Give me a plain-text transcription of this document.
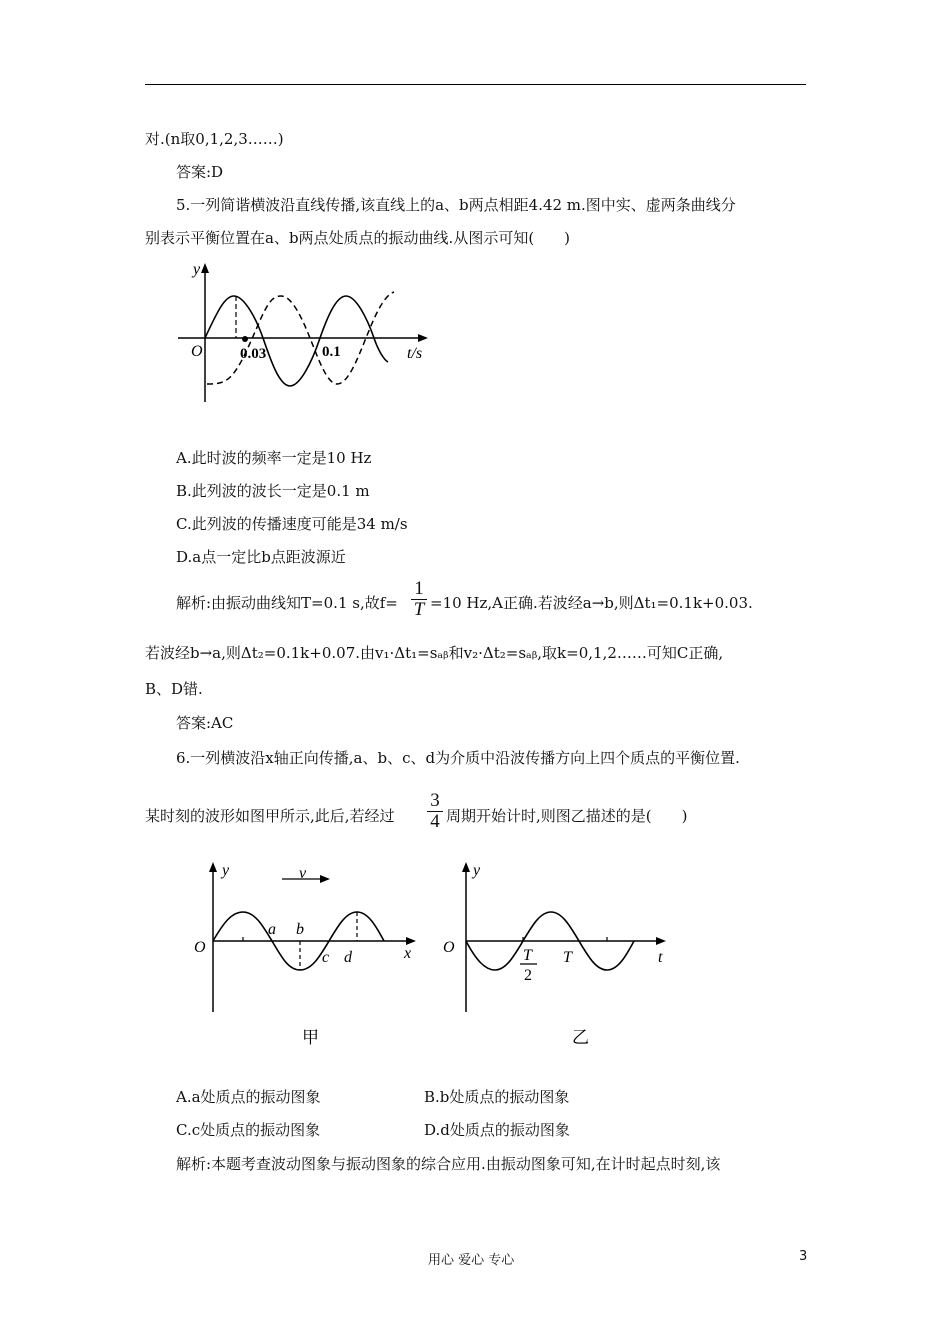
对.(n取0,1,2,3……)
答案:D
5.一列简谐横波沿直线传播,该直线上的a、b两点相距4.42 m.图中实、虚两条曲线分
别表示平衡位置在a、b两点处质点的振动曲线.从图示可知(　　)
y
O 0.03	0.1	t/s
A.此时波的频率一定是10 Hz
B.此列波的波长一定是0.1 m
C.此列波的传播速度可能是34 m/s
D.a点一定比b点距波源近
解析:由振动曲线知T=0.1 s,故f=
1
T =10 Hz,A正确.若波经a→b,则Δt₁=0.1k+0.03.
若波经b→a,则Δt₂=0.1k+0.07.由v₁·Δt₁=sₐᵦ和v₂·Δt₂=sₐᵦ,取k=0,1,2……可知C正确,
B、D错.
答案:AC
6.一列横波沿x轴正向传播,a、b、c、d为介质中沿波传播方向上四个质点的平衡位置.
某时刻的波形如图甲所示,此后,若经过
3
4 周期开始计时,则图乙描述的是(　　)
y	v
O
a b
c d	x
甲
y
O	T
2
T	t
乙
A.a处质点的振动图象	B.b处质点的振动图象
C.c处质点的振动图象	D.d处质点的振动图象
解析:本题考查波动图象与振动图象的综合应用.由振动图象可知,在计时起点时刻,该
用心 爱心 专心	3
